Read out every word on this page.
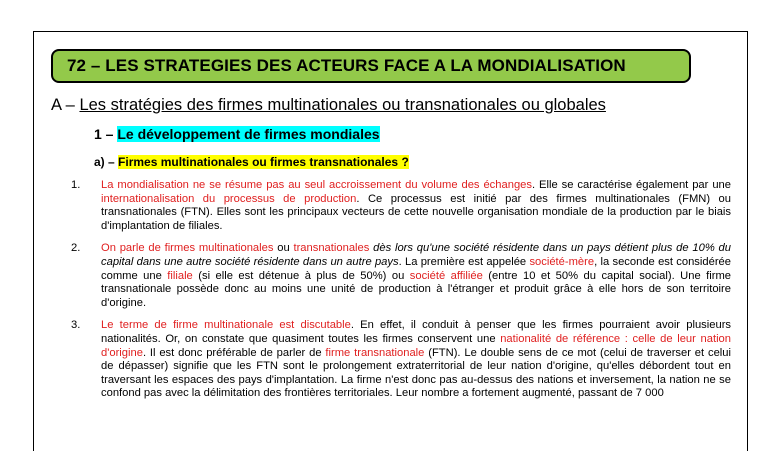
72 – LES STRATEGIES DES ACTEURS FACE A LA MONDIALISATION
A – Les stratégies des firmes multinationales ou transnationales ou globales
1 – Le développement de firmes mondiales
a) – Firmes multinationales ou firmes transnationales ?
1. La mondialisation ne se résume pas au seul accroissement du volume des échanges. Elle se caractérise également par une internationalisation du processus de production. Ce processus est initié par des firmes multinationales (FMN) ou transnationales (FTN). Elles sont les principaux vecteurs de cette nouvelle organisation mondiale de la production par le biais d'implantation de filiales.
2. On parle de firmes multinationales ou transnationales dès lors qu'une société résidente dans un pays détient plus de 10% du capital dans une autre société résidente dans un autre pays. La première est appelée société-mère, la seconde est considérée comme une filiale (si elle est détenue à plus de 50%) ou société affiliée (entre 10 et 50% du capital social). Une firme transnationale possède donc au moins une unité de production à l'étranger et produit grâce à elle hors de son territoire d'origine.
3. Le terme de firme multinationale est discutable. En effet, il conduit à penser que les firmes pourraient avoir plusieurs nationalités. Or, on constate que quasiment toutes les firmes conservent une nationalité de référence : celle de leur nation d'origine. Il est donc préférable de parler de firme transnationale (FTN). Le double sens de ce mot (celui de traverser et celui de dépasser) signifie que les FTN sont le prolongement extraterritorial de leur nation d'origine, qu'elles débordent tout en traversant les espaces des pays d'implantation. La firme n'est donc pas au-dessus des nations et inversement, la nation ne se confond pas avec la délimitation des frontières territoriales. Leur nombre a fortement augmenté, passant de 7 000
